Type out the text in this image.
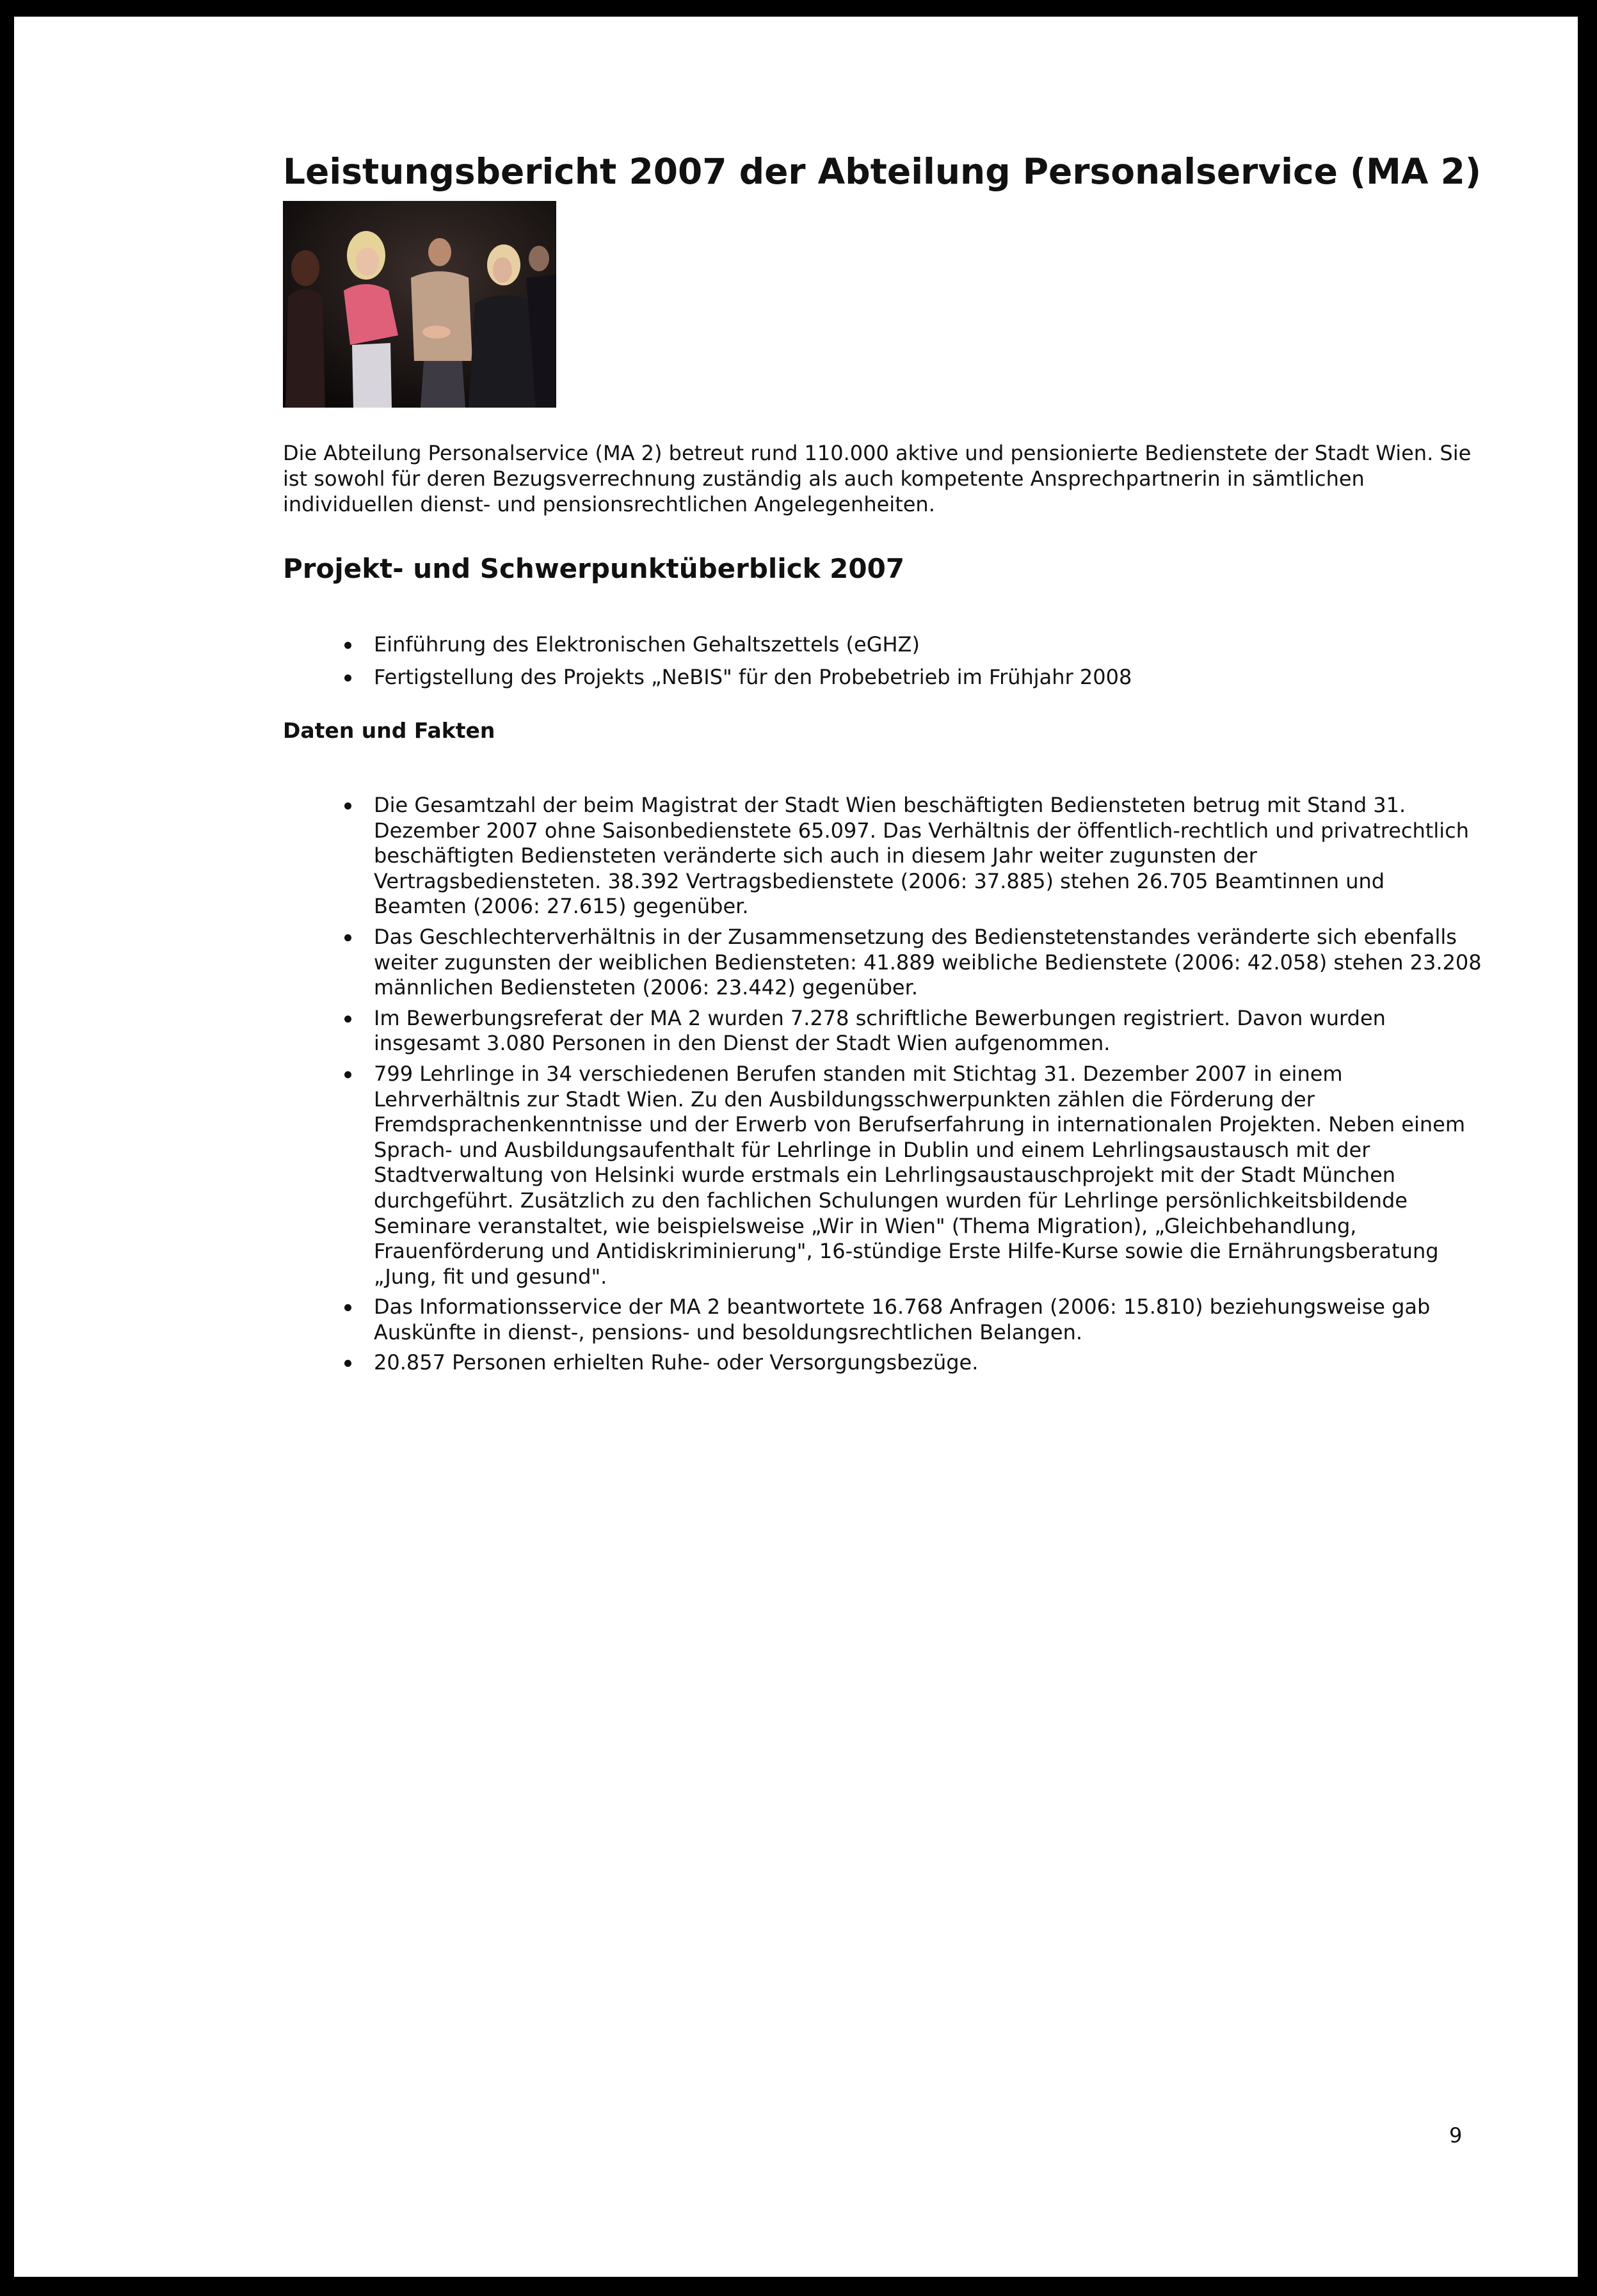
Leistungsbericht 2007 der Abteilung Personalservice (MA 2)

Die Abteilung Personalservice (MA 2) betreut rund 110.000 aktive und pensionierte Bedienstete der Stadt Wien. Sie ist sowohl für deren Bezugsverrechnung zuständig als auch kompetente Ansprechpartnerin in sämtlichen individuellen dienst- und pensionsrechtlichen Angelegenheiten.

Projekt- und Schwerpunktüberblick 2007
Einführung des Elektronischen Gehaltszettels (eGHZ)
Fertigstellung des Projekts „NeBIS" für den Probebetrieb im Frühjahr 2008
Daten und Fakten
Die Gesamtzahl der beim Magistrat der Stadt Wien beschäftigten Bediensteten betrug mit Stand 31. Dezember 2007 ohne Saisonbedienstete 65.097. Das Verhältnis der öffentlich-rechtlich und privatrechtlich beschäftigten Bediensteten veränderte sich auch in diesem Jahr weiter zugunsten der Vertragsbediensteten. 38.392 Vertragsbedienstete (2006: 37.885) stehen 26.705 Beamtinnen und Beamten (2006: 27.615) gegenüber.
Das Geschlechterverhältnis in der Zusammensetzung des Bedienstetenstandes veränderte sich ebenfalls weiter zugunsten der weiblichen Bediensteten: 41.889 weibliche Bedienstete (2006: 42.058) stehen 23.208 männlichen Bediensteten (2006: 23.442) gegenüber.
Im Bewerbungsreferat der MA 2 wurden 7.278 schriftliche Bewerbungen registriert. Davon wurden insgesamt 3.080 Personen in den Dienst der Stadt Wien aufgenommen.
799 Lehrlinge in 34 verschiedenen Berufen standen mit Stichtag 31. Dezember 2007 in einem Lehrverhältnis zur Stadt Wien. Zu den Ausbildungsschwerpunkten zählen die Förderung der Fremdsprachenkenntnisse und der Erwerb von Berufserfahrung in internationalen Projekten. Neben einem Sprach- und Ausbildungsaufenthalt für Lehrlinge in Dublin und einem Lehrlingsaustausch mit der Stadtverwaltung von Helsinki wurde erstmals ein Lehrlingsaustauschprojekt mit der Stadt München durchgeführt. Zusätzlich zu den fachlichen Schulungen wurden für Lehrlinge persönlichkeitsbildende Seminare veranstaltet, wie beispielsweise „Wir in Wien" (Thema Migration), „Gleichbehandlung, Frauenförderung und Antidiskriminierung", 16-stündige Erste Hilfe-Kurse sowie die Ernährungsberatung „Jung, fit und gesund".
Das Informationsservice der MA 2 beantwortete 16.768 Anfragen (2006: 15.810) beziehungsweise gab Auskünfte in dienst-, pensions- und besoldungsrechtlichen Belangen.
20.857 Personen erhielten Ruhe- oder Versorgungsbezüge.
9
